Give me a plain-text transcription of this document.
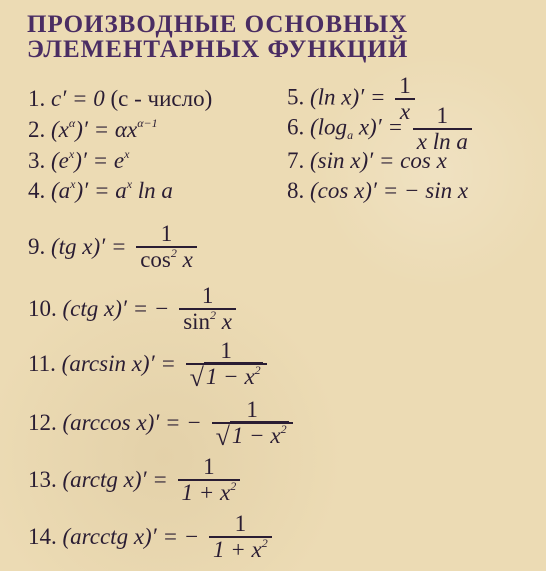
ПРОИЗВОДНЫЕ ОСНОВНЫХ
ЭЛЕМЕНТАРНЫХ ФУНКЦИЙ
1. c′ = 0 (c - число)
2. $(x^\alpha)' = \alpha x^{\alpha-1}$
3. $(e^x)' = e^x$
4. $(a^x)' = a^x$ ln a
5. (ln $x)' = \frac{1}{x}$
6. ($\log_a$ $x)' = \frac{1}{\text{x ln a}}$
7. (sin x)′ = cos x
8. (cos x)′ = − sin x
9. (tg $x)' = \frac{1}{\cos^2 x}$
10. (ctg x)′ = − $\frac{1}{\sin^2 x}$
11. (arcsin $x)' = \frac{1}{√1 - x^2}$
12. (arccos x)′ = − $\frac{1}{√1 - x^2}$
13. (arctg $x)' = \frac{1}{1 + x^2}$
14. (arcctg x)′ = − $\frac{1}{1 + x^2}$
